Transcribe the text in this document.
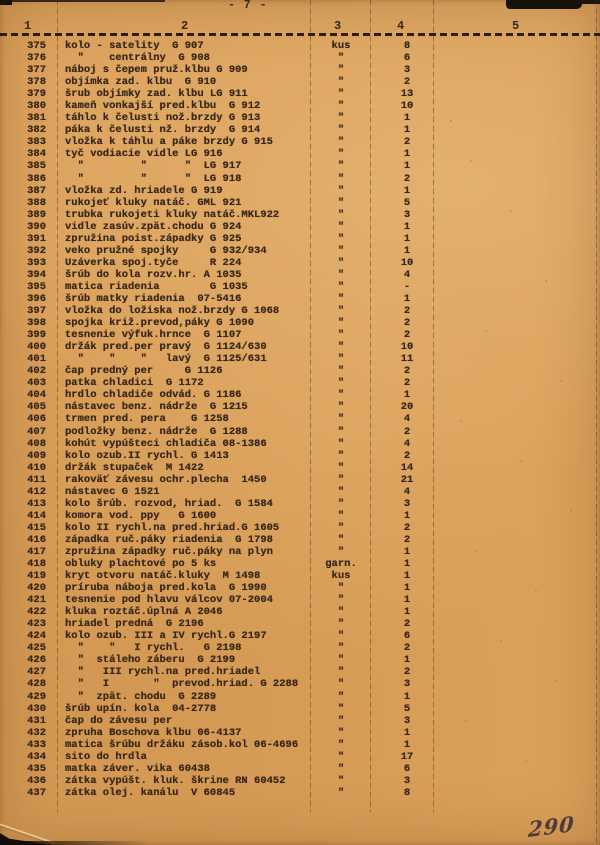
- 7 -
1	2	3	4	5
375	kolo - satelity  G 907	kus	8
376	"    centrálny  G 908	"	6
377	náboj s čepem pruž.klbu G 909	"	3
378	objímka zad. klbu  G 910	"	2
379	šrub objímky zad. klbu LG 911	"	13
380	kameň vonkajší pred.klbu  G 912	"	10
381	táhlo k čelusti nož.brzdy G 913	"	1
382	páka k čelusti nž. brzdy  G 914	"	1
383	vložka k táhlu a páke brzdy G 915	"	2
384	tyč vodiacie vidle LG 916	"	1
385	"         "      "  LG 917	"	1
386	"         "      "  LG 918	"	2
387	vložka zd. hriadele G 919	"	1
388	rukojeť kluky natáč. GML 921	"	5
389	trubka rukojeti kluky natáč.MKL922	"	3
390	vidle zasúv.zpät.chodu G 924	"	1
391	zpružina poist.západky G 925	"	1
392	veko pružné spojky     G 932/934	"	1
393	Uzáverka spoj.tyče     R 224	"	10
394	šrúb do kola rozv.hr. A 1035	"	4
395	matica riadenia        G 1035	"	-
396	šrúb matky riadenia  07-5416	"	1
397	vložka do ložiska nož.brzdy G 1068	"	2
398	spojka križ.prevod,páky G 1090	"	2
399	tesnenie výfuk.hrnce  G 1107	"	2
400	držák pred.per pravý  G 1124/630	"	10
401	"    "    "   lavý  G 1125/631	"	11
402	čap predný per     G 1126	"	2
403	patka chladici  G 1172	"	2
404	hrdlo chladiče odvád. G 1186	"	1
405	nástavec benz. nádrže  G 1215	"	20
406	trmen pred. pera    G 1258	"	4
407	podložky benz. nádrže  G 1288	"	2
408	kohút vypúšteci chladiča 08-1386	"	4
409	kolo ozub.II rychl. G 1413	"	2
410	držák stupaček  M 1422	"	14
411	rakoväť závesu ochr.plecha  1450	"	21
412	nástavec G 1521	"	4
413	kolo šrúb. rozvod, hriad.  G 1584	"	3
414	komora vod. ppy   G 1600	"	1
415	kolo II rychl.na pred.hriad.G 1605	"	2
416	západka ruč.páky riadenia  G 1798	"	2
417	zpružina západky ruč.páky na plyn	"	1
418	obluky plachtové po 5 ks	garn.	1
419	kryt otvoru natáč.kluky  M 1498	kus	1
420	príruba náboja pred.kola  G 1990	"	1
421	tesnenie pod hlavu válcov 07-2004	"	1
422	kluka roztáč.úplná A 2046	"	1
423	hriadel predná  G 2196	"	2
424	kolo ozub. III a IV rychl.G 2197	"	6
425	"    "   I rychl.   G 2198	"	2
426	"  stáleho záberu  G 2199	"	1
427	"   III rychl.na pred.hriadel	"	2
428	"   I       "  prevod.hriad. G 2288	"	3
429	"  zpät. chodu  G 2289	"	1
430	šrúb upín. kola  04-2778	"	5
431	čap do závesu per	"	3
432	zpruha Boschova klbu 06-4137	"	1
433	matica šrúbu držáku zásob.kol 06-4696	"	1
434	sito do hrdla	"	17
435	matka záver. vika 60438	"	6
436	zátka vypúšt. kluk. škrine RN 60452	"	3
437	zátka olej. kanálu  V 60845	"	8
290
